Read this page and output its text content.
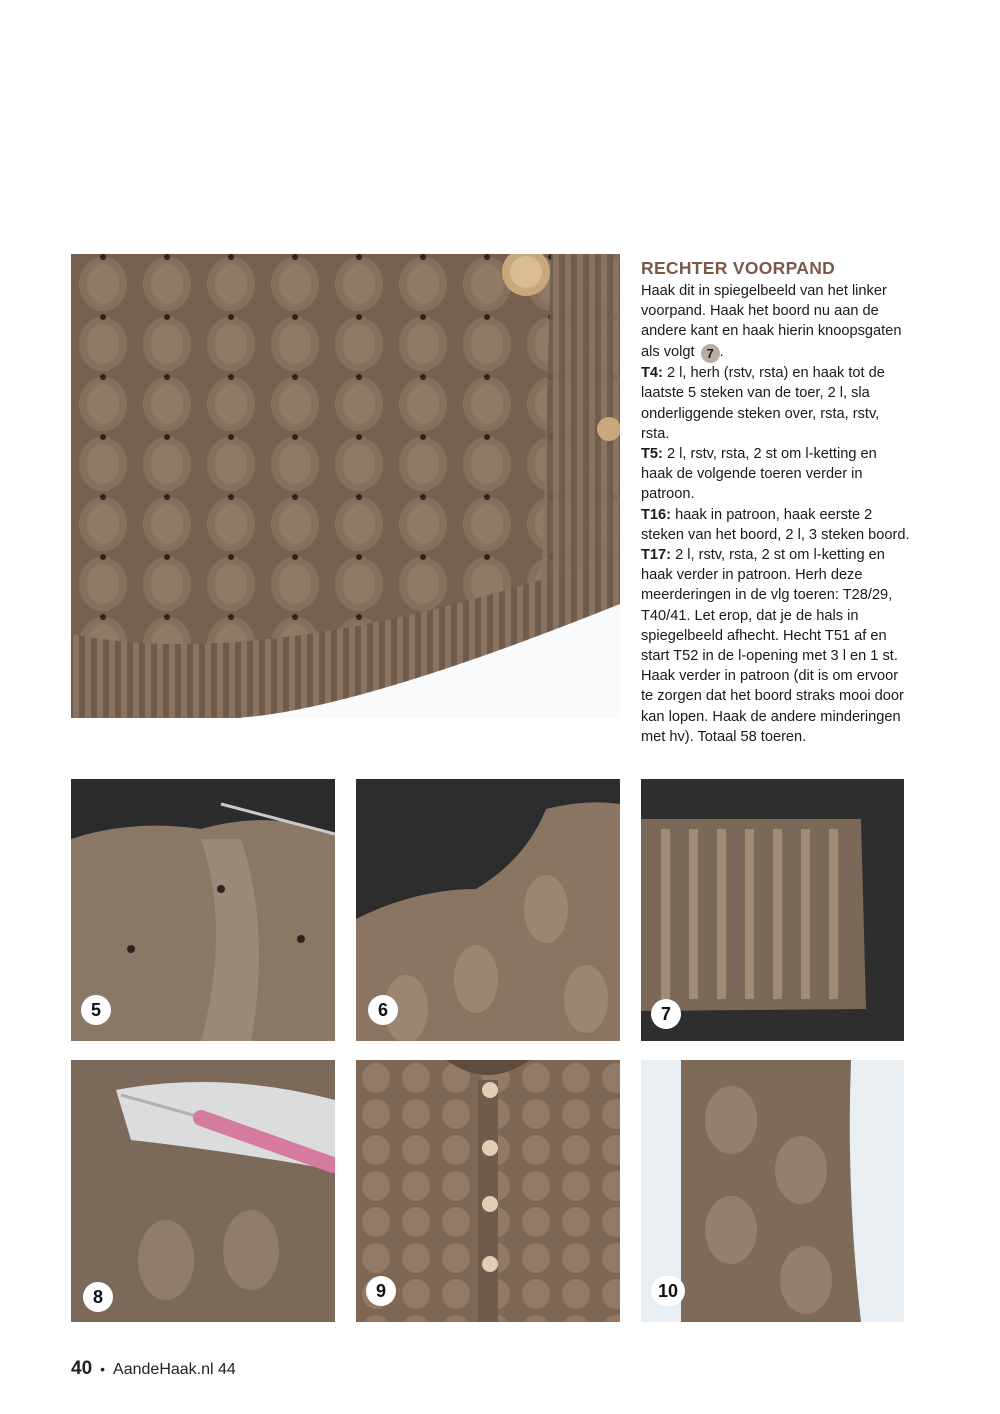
RECHTER VOORPAND

Haak dit in spiegelbeeld van het linker voorpand. Haak het boord nu aan de andere kant en haak hierin knoopsgaten als volgt 7 .

T4: 2 l, herh (rstv, rsta) en haak tot de laatste 5 steken van de toer, 2 l, sla onderliggende steken over, rsta, rstv, rsta.

T5: 2 l, rstv, rsta, 2 st om l-ketting en haak de volgende toeren verder in patroon.

T16: haak in patroon, haak eerste 2 steken van het boord, 2 l, 3 steken boord.

T17: 2 l, rstv, rsta, 2 st om l-ketting en haak verder in patroon. Herh deze meerderingen in de vlg toeren: T28/29, T40/41. Let erop, dat je de hals in spiegelbeeld afhecht. Hecht T51 af en start T52 in de l-opening met 3 l en 1 st. Haak verder in patroon (dit is om ervoor te zorgen dat het boord straks mooi door kan lopen. Haak de andere minderingen met hv). Totaal 58 toeren.

5	6	7
8	9	10
40 • AandeHaak.nl 44
